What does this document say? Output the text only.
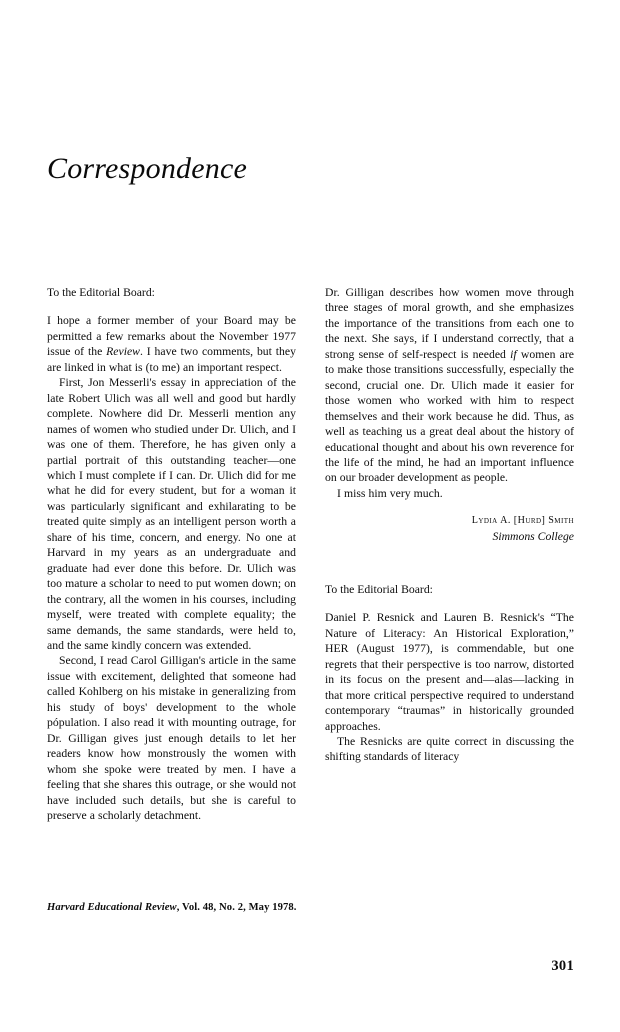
Correspondence

To the Editorial Board:

I hope a former member of your Board may be permitted a few remarks about the November 1977 issue of the Review. I have two comments, but they are linked in what is (to me) an important respect.

First, Jon Messerli's essay in appreciation of the late Robert Ulich was all well and good but hardly complete. Nowhere did Dr. Messerli mention any names of women who studied under Dr. Ulich, and I was one of them. Therefore, he has given only a partial portrait of this outstanding teacher—one which I must complete if I can. Dr. Ulich did for me what he did for every student, but for a woman it was particularly significant and exhilarating to be treated quite simply as an intelligent person worth a share of his time, concern, and energy. No one at Harvard in my years as an undergraduate and graduate had ever done this before. Dr. Ulich was too mature a scholar to need to put women down; on the contrary, all the women in his courses, including myself, were treated with complete equality; the same demands, the same standards, were held to, and the same kindly concern was extended.

Second, I read Carol Gilligan's article in the same issue with excitement, delighted that someone had called Kohlberg on his mistake in generalizing from his study of boys' development to the whole pópulation. I also read it with mounting outrage, for Dr. Gilligan gives just enough details to let her readers know how monstrously the women with whom she spoke were treated by men. I have a feeling that she shares this outrage, or she would not have included such details, but she is careful to preserve a scholarly detachment.

Dr. Gilligan describes how women move through three stages of moral growth, and she emphasizes the importance of the transitions from each one to the next. She says, if I understand correctly, that a strong sense of self-respect is needed if women are to make those transitions successfully, especially the second, crucial one. Dr. Ulich made it easier for those women who worked with him to respect themselves and their work because he did. Thus, as well as teaching us a great deal about the history of educational thought and about his own reverence for the life of the mind, he had an important influence on our broader development as people.

I miss him very much.

Lydia A. [Hurd] Smith

Simmons College

To the Editorial Board:

Daniel P. Resnick and Lauren B. Resnick's “The Nature of Literacy: An Historical Exploration,” HER (August 1977), is commendable, but one regrets that their perspective is too narrow, distorted in its focus on the present and—alas—lacking in that more critical perspective required to understand contemporary “traumas” in historically grounded approaches.

The Resnicks are quite correct in discussing the shifting standards of literacy

Harvard Educational Review, Vol. 48, No. 2, May 1978.
301
